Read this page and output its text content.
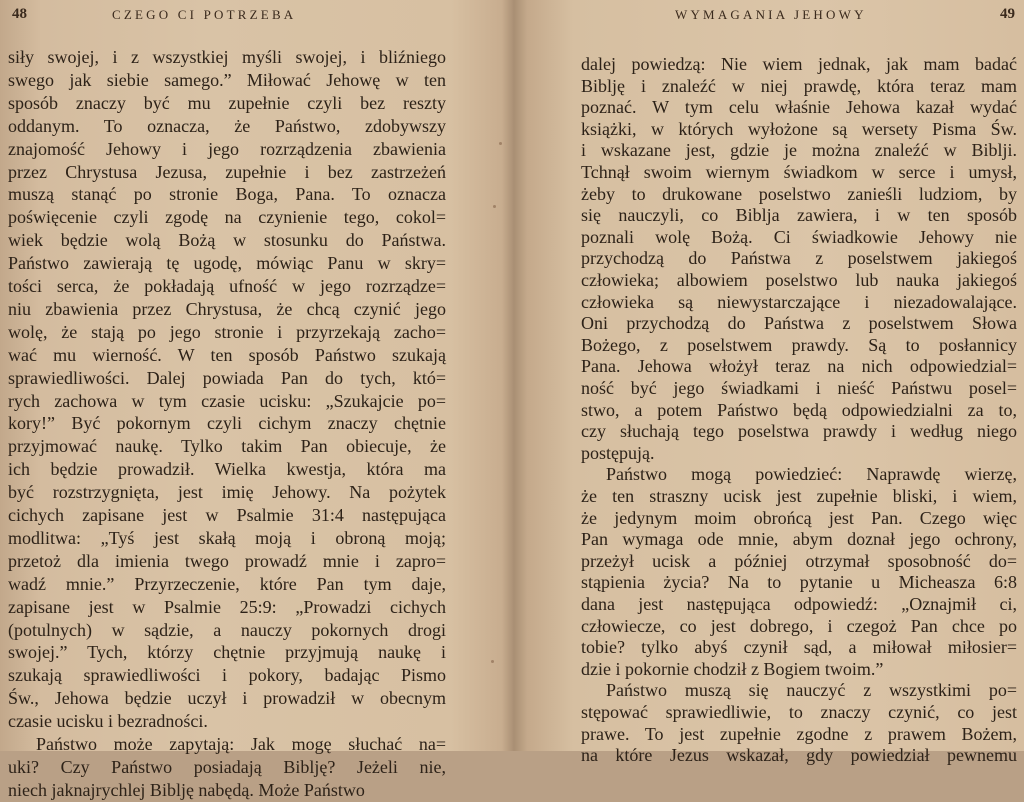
48	CZEGO CI POTRZEBA
siły swojej, i z wszystkiej myśli swojej, i bliźniego
swego jak siebie samego.” Miłować Jehowę w ten
sposób znaczy być mu zupełnie czyli bez reszty
oddanym. To oznacza, że Państwo, zdobywszy
znajomość Jehowy i jego rozrządzenia zbawienia
przez Chrystusa Jezusa, zupełnie i bez zastrzeżeń
muszą stanąć po stronie Boga, Pana. To oznacza
poświęcenie czyli zgodę na czynienie tego, cokol=
wiek będzie wolą Bożą w stosunku do Państwa.
Państwo zawierają tę ugodę, mówiąc Panu w skry=
tości serca, że pokładają ufność w jego rozrządze=
niu zbawienia przez Chrystusa, że chcą czynić jego
wolę, że stają po jego stronie i przyrzekają zacho=
wać mu wierność. W ten sposób Państwo szukają
sprawiedliwości. Dalej powiada Pan do tych, któ=
rych zachowa w tym czasie ucisku: „Szukajcie po=
kory!” Być pokornym czyli cichym znaczy chętnie
przyjmować naukę. Tylko takim Pan obiecuje, że
ich będzie prowadził. Wielka kwestja, która ma
być rozstrzygnięta, jest imię Jehowy. Na pożytek
cichych zapisane jest w Psalmie 31:4 następująca
modlitwa: „Tyś jest skałą moją i obroną moją;
przetoż dla imienia twego prowadź mnie i zapro=
wadź mnie.” Przyrzeczenie, które Pan tym daje,
zapisane jest w Psalmie 25:9: „Prowadzi cichych
(potulnych) w sądzie, a nauczy pokornych drogi
swojej.” Tych, którzy chętnie przyjmują naukę i
szukają sprawiedliwości i pokory, badając Pismo
Św., Jehowa będzie uczył i prowadził w obecnym
czasie ucisku i bezradności.
Państwo może zapytają: Jak mogę słuchać na=
uki? Czy Państwo posiadają Biblję? Jeżeli nie,
niech jaknajrychlej Biblję nabędą. Może Państwo
WYMAGANIA JEHOWY	49
dalej powiedzą: Nie wiem jednak, jak mam badać
Biblję i znaleźć w niej prawdę, która teraz mam
poznać. W tym celu właśnie Jehowa kazał wydać
książki, w których wyłożone są wersety Pisma Św.
i wskazane jest, gdzie je można znaleźć w Biblji.
Tchnął swoim wiernym świadkom w serce i umysł,
żeby to drukowane poselstwo zanieśli ludziom, by
się nauczyli, co Biblja zawiera, i w ten sposób
poznali wolę Bożą. Ci świadkowie Jehowy nie
przychodzą do Państwa z poselstwem jakiegoś
człowieka; albowiem poselstwo lub nauka jakiegoś
człowieka są niewystarczające i niezadowalające.
Oni przychodzą do Państwa z poselstwem Słowa
Bożego, z poselstwem prawdy. Są to posłannicy
Pana. Jehowa włożył teraz na nich odpowiedzial=
ność być jego świadkami i nieść Państwu posel=
stwo, a potem Państwo będą odpowiedzialni za to,
czy słuchają tego poselstwa prawdy i według niego
postępują.
Państwo mogą powiedzieć: Naprawdę wierzę,
że ten straszny ucisk jest zupełnie bliski, i wiem,
że jedynym moim obrońcą jest Pan. Czego więc
Pan wymaga ode mnie, abym doznał jego ochrony,
przeżył ucisk a później otrzymał sposobność do=
stąpienia życia? Na to pytanie u Micheasza 6:8
dana jest następująca odpowiedź: „Oznajmił ci,
człowiecze, co jest dobrego, i czegoż Pan chce po
tobie? tylko abyś czynił sąd, a miłował miłosier=
dzie i pokornie chodził z Bogiem twoim.”
Państwo muszą się nauczyć z wszystkimi po=
stępować sprawiedliwie, to znaczy czynić, co jest
prawe. To jest zupełnie zgodne z prawem Bożem,
na które Jezus wskazał, gdy powiedział pewnemu
